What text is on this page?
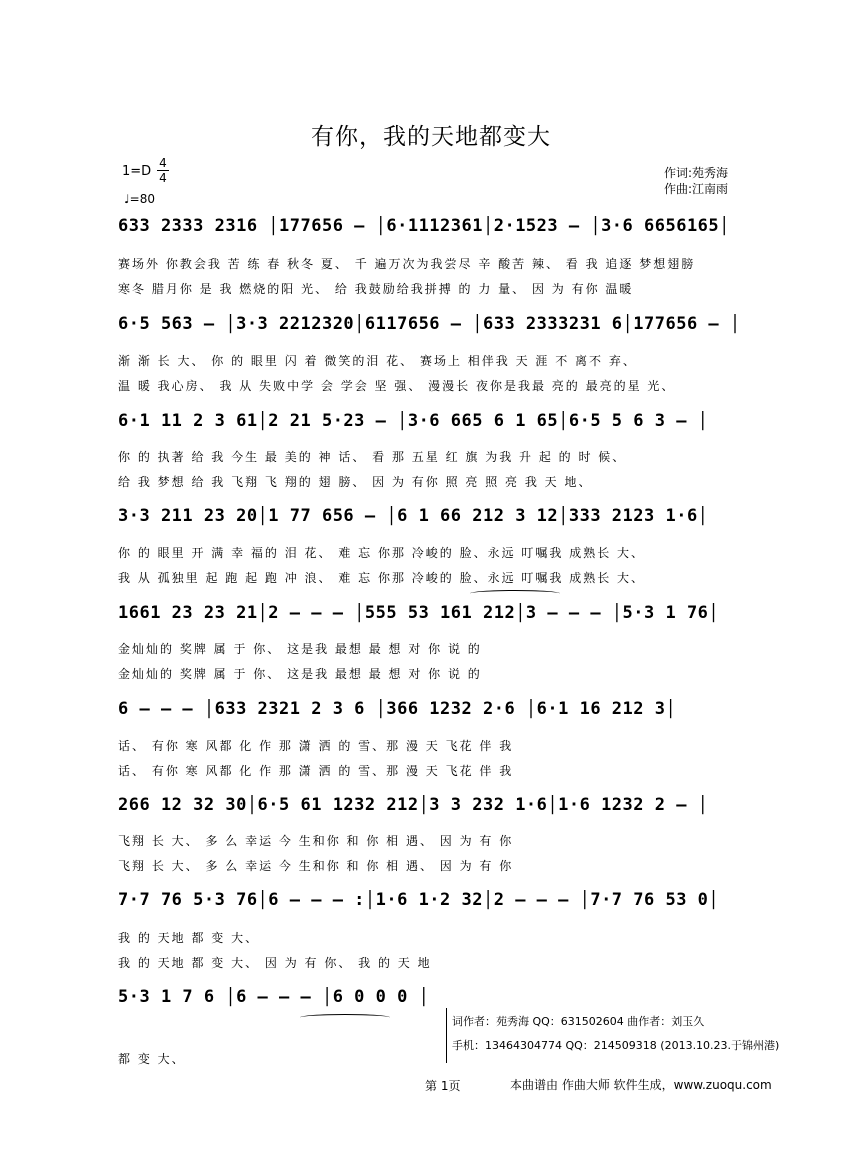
有你，我的天地都变大
1=D
4
4
♩=80
作词:苑秀海
作曲:江南雨
633 2333 2316 │177656 – │6·1112361│2·1523 – │3·6 6656165│
赛场外 你教会我 苦 练 春 秋冬 夏、 千 遍万次为我尝尽 辛 酸苦 辣、 看 我 追逐 梦想翅膀
寒冬 腊月你 是 我 燃烧的阳 光、 给 我鼓励给我拼搏 的 力 量、 因 为 有你 温暖
6·5 563 – │3·3 2212320│6117656 – │633 2333231 6│177656 – │
渐 渐 长 大、 你 的 眼里 闪 着 微笑的泪 花、 赛场上 相伴我 天 涯 不 离不 弃、
温 暖 我心房、 我 从 失败中学 会 学会 坚 强、 漫漫长 夜你是我最 亮的 最亮的星 光、
6·1 11 2 3 61│2 21 5·23 – │3·6 665 6 1 65│6·5 5 6 3 – │
你 的 执著 给 我 今生 最 美的 神 话、 看 那 五星 红 旗 为我 升 起 的 时 候、
给 我 梦想 给 我 飞翔 飞 翔的 翅 膀、 因 为 有你 照 亮 照 亮 我 天 地、
3·3 211 23 20│1 77 656 – │6 1 66 212 3 12│333 2123 1·6│
你 的 眼里 开 满 幸 福的 泪 花、 难 忘 你那 冷峻的 脸、永远 叮嘱我 成熟长 大、
我 从 孤独里 起 跑 起 跑 冲 浪、 难 忘 你那 冷峻的 脸、永远 叮嘱我 成熟长 大、
1661 23 23 21│2 – – – │555 53 161 212│3 – – – │5·3 1 76│
金灿灿的 奖牌 属 于 你、 这是我 最想 最 想 对 你 说 的
金灿灿的 奖牌 属 于 你、 这是我 最想 最 想 对 你 说 的
6 – – – │633 2321 2 3 6 │366 1232 2·6 │6·1 16 212 3│
话、 有你 寒 风都 化 作 那 潇 洒 的 雪、那 漫 天 飞花 伴 我
话、 有你 寒 风都 化 作 那 潇 洒 的 雪、那 漫 天 飞花 伴 我
266 12 32 30│6·5 61 1232 212│3 3 232 1·6│1·6 1232 2 – │
飞翔 长 大、 多 么 幸运 今 生和你 和 你 相 遇、 因 为 有 你
飞翔 长 大、 多 么 幸运 今 生和你 和 你 相 遇、 因 为 有 你
7·7 76 5·3 76│6 – – – :│1·6 1·2 32│2 – – – │7·7 76 53 0│
我 的 天地 都 变 大、
我 的 天地 都 变 大、 因 为 有 你、 我 的 天 地
5·3 1 7 6 │6 – – – │6 0 0 0 │
都 变 大、
词作者：苑秀海 QQ：631502604 曲作者：刘玉久
手机：13464304774 QQ：214509318 (2013.10.23.于锦州港)
第 1页	本曲谱由 作曲大师 软件生成，www.zuoqu.com
